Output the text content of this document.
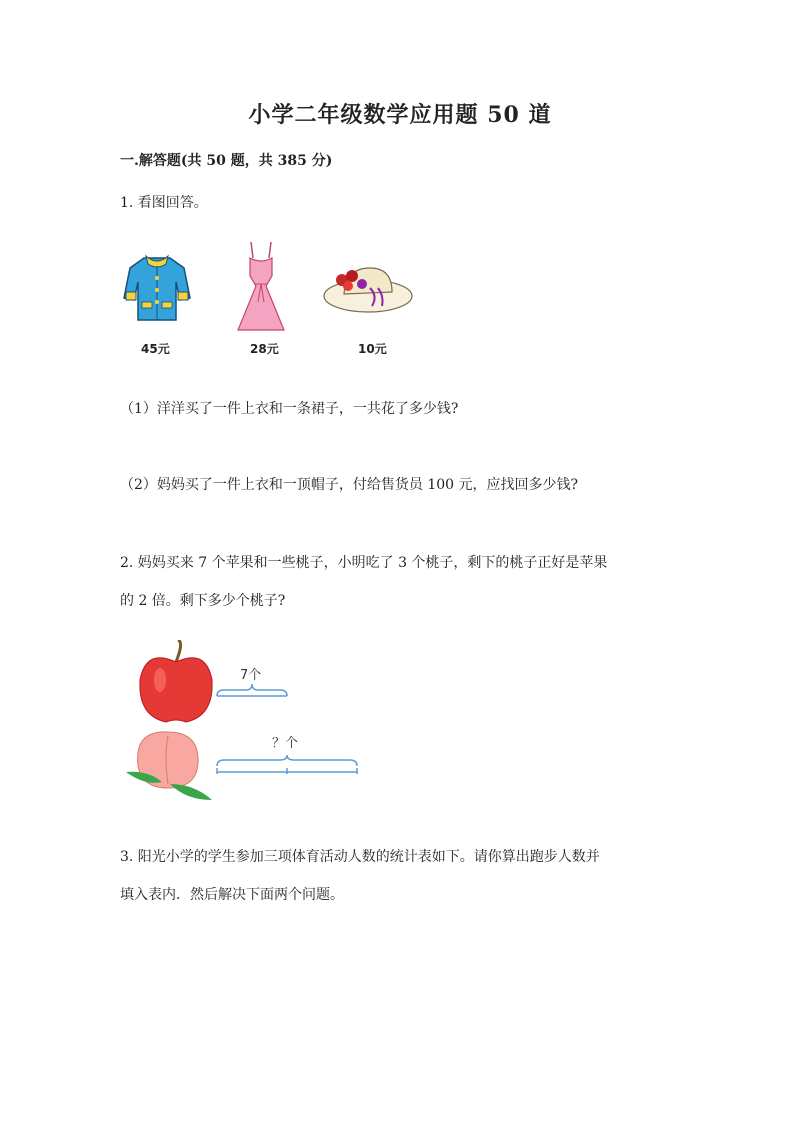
小学二年级数学应用题 50 道
一.解答题(共 50 题，共 385 分)
1. 看图回答。
45元	28元	10元
（1）洋洋买了一件上衣和一条裙子，一共花了多少钱?
（2）妈妈买了一件上衣和一顶帽子，付给售货员 100 元，应找回多少钱?
2. 妈妈买来 7 个苹果和一些桃子，小明吃了 3 个桃子，剩下的桃子正好是苹果
的 2 倍。剩下多少个桃子?
7个
？个
3. 阳光小学的学生参加三项体育活动人数的统计表如下。请你算出跑步人数并
填入表内．然后解决下面两个问题。
